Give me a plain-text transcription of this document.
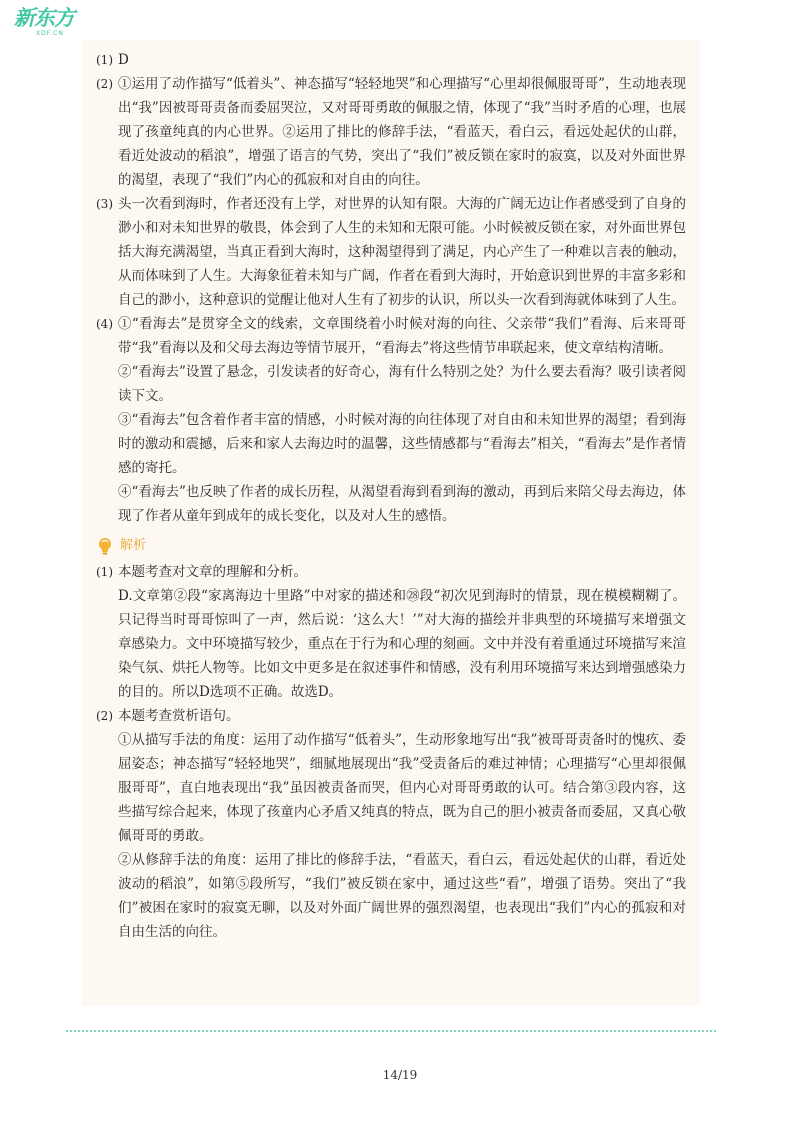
新东方
XDF.CN
(1) D

(2) ①运用了动作描写“低着头”、神态描写“轻轻地哭”和心理描写“心里却很佩服哥哥”，生动地表现出“我”因被哥哥责备而委屈哭泣，又对哥哥勇敢的佩服之情，体现了“我”当时矛盾的心理，也展现了孩童纯真的内心世界。②运用了排比的修辞手法，“看蓝天，看白云，看远处起伏的山群，看近处波动的稻浪”，增强了语言的气势，突出了“我们”被反锁在家时的寂寞，以及对外面世界的渴望，表现了“我们”内心的孤寂和对自由的向往。

(3) 头一次看到海时，作者还没有上学，对世界的认知有限。大海的广阔无边让作者感受到了自身的渺小和对未知世界的敬畏，体会到了人生的未知和无限可能。小时候被反锁在家，对外面世界包括大海充满渴望，当真正看到大海时，这种渴望得到了满足，内心产生了一种难以言表的触动，从而体味到了人生。大海象征着未知与广阔，作者在看到大海时，开始意识到世界的丰富多彩和自己的渺小，这种意识的觉醒让他对人生有了初步的认识，所以头一次看到海就体味到了人生。

(4) ①“看海去”是贯穿全文的线索，文章围绕着小时候对海的向往、父亲带“我们”看海、后来哥哥带“我”看海以及和父母去海边等情节展开，“看海去”将这些情节串联起来，使文章结构清晰。

②“看海去”设置了悬念，引发读者的好奇心，海有什么特别之处？为什么要去看海？吸引读者阅读下文。

③“看海去”包含着作者丰富的情感，小时候对海的向往体现了对自由和未知世界的渴望；看到海时的激动和震撼，后来和家人去海边时的温馨，这些情感都与“看海去”相关，“看海去”是作者情感的寄托。

④“看海去”也反映了作者的成长历程，从渴望看海到看到海的激动，再到后来陪父母去海边，体现了作者从童年到成年的成长变化，以及对人生的感悟。

解析
(1) 本题考查对文章的理解和分析。

D.文章第②段“家离海边十里路”中对家的描述和㉘段“初次见到海时的情景，现在模模糊糊了。只记得当时哥哥惊叫了一声，然后说：‘这么大！’”对大海的描绘并非典型的环境描写来增强文章感染力。文中环境描写较少，重点在于行为和心理的刻画。文中并没有着重通过环境描写来渲染气氛、烘托人物等。比如文中更多是在叙述事件和情感，没有利用环境描写来达到增强感染力的目的。所以D选项不正确。故选D。

(2) 本题考查赏析语句。

①从描写手法的角度：运用了动作描写“低着头”，生动形象地写出“我”被哥哥责备时的愧疚、委屈姿态；神态描写“轻轻地哭”，细腻地展现出“我”受责备后的难过神情；心理描写“心里却很佩服哥哥”，直白地表现出“我”虽因被责备而哭，但内心对哥哥勇敢的认可。结合第③段内容，这些描写综合起来，体现了孩童内心矛盾又纯真的特点，既为自己的胆小被责备而委屈，又真心敬佩哥哥的勇敢。

②从修辞手法的角度：运用了排比的修辞手法，“看蓝天，看白云，看远处起伏的山群，看近处波动的稻浪”，如第⑤段所写，“我们”被反锁在家中，通过这些“看”，增强了语势。突出了“我们”被困在家时的寂寞无聊，以及对外面广阔世界的强烈渴望，也表现出“我们”内心的孤寂和对自由生活的向往。

14/19
